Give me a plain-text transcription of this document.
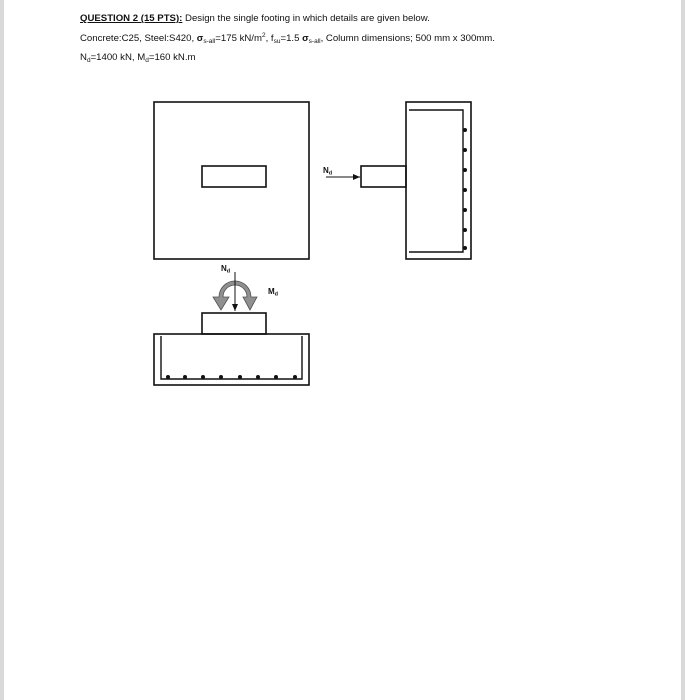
QUESTION 2 (15 PTS): Design the single footing in which details are given below.
Concrete:C25, Steel:S420, $\sigma_{s-all}=175$ $kN/m^2$, $f_{su}=1.5$ $\sigma_{s-all}$, Column dimensions; 500 mm x 300mm.
$N_d=1400$ kN, $M_d=160$ kN.m
Nd
Nd
Md
